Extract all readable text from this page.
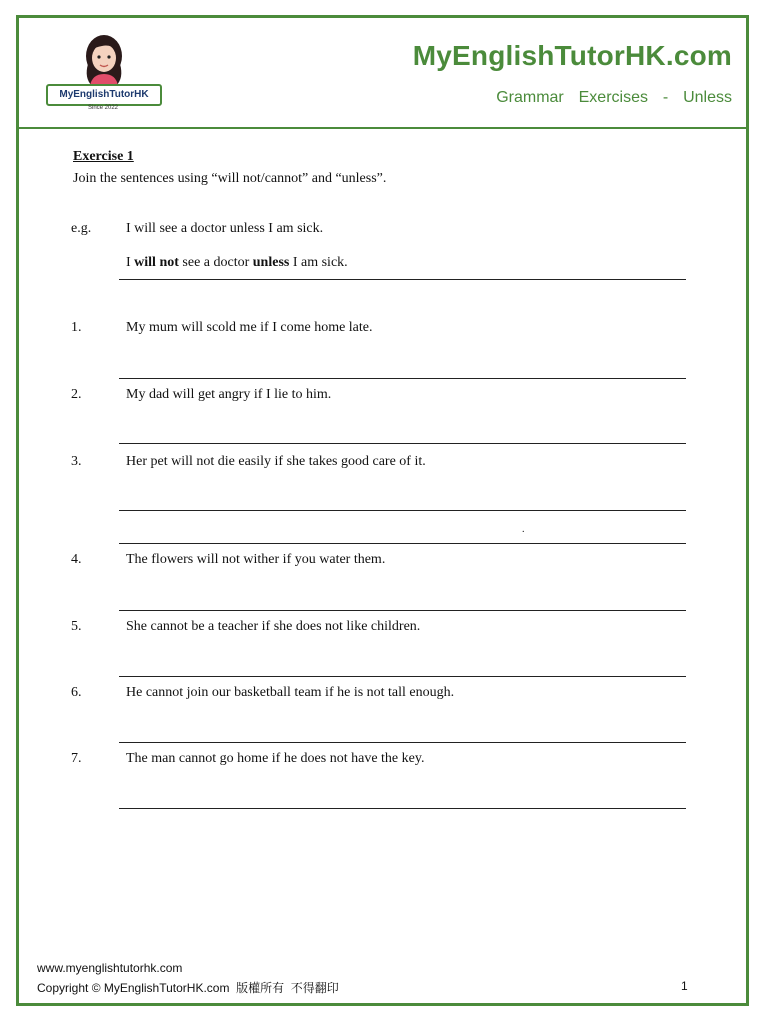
MyEnglishTutorHK
Since 2022
MyEnglishTutorHK.com
Grammar  Exercises  -  Unless
Exercise 1
Join the sentences using “will not/cannot” and “unless”.
e.g. I will see a doctor unless I am sick.
I will not see a doctor unless I am sick.
1.	My mum will scold me if I come home late.
2.	My dad will get angry if I lie to him.
3.	Her pet will not die easily if she takes good care of it.
.
4.	The flowers will not wither if you water them.
5.	She cannot be a teacher if she does not like children.
6.	He cannot join our basketball team if he is not tall enough.
7.	The man cannot go home if he does not have the key.
www.myenglishtutorhk.com
Copyright © MyEnglishTutorHK.com  版權所有  不得翻印	1
